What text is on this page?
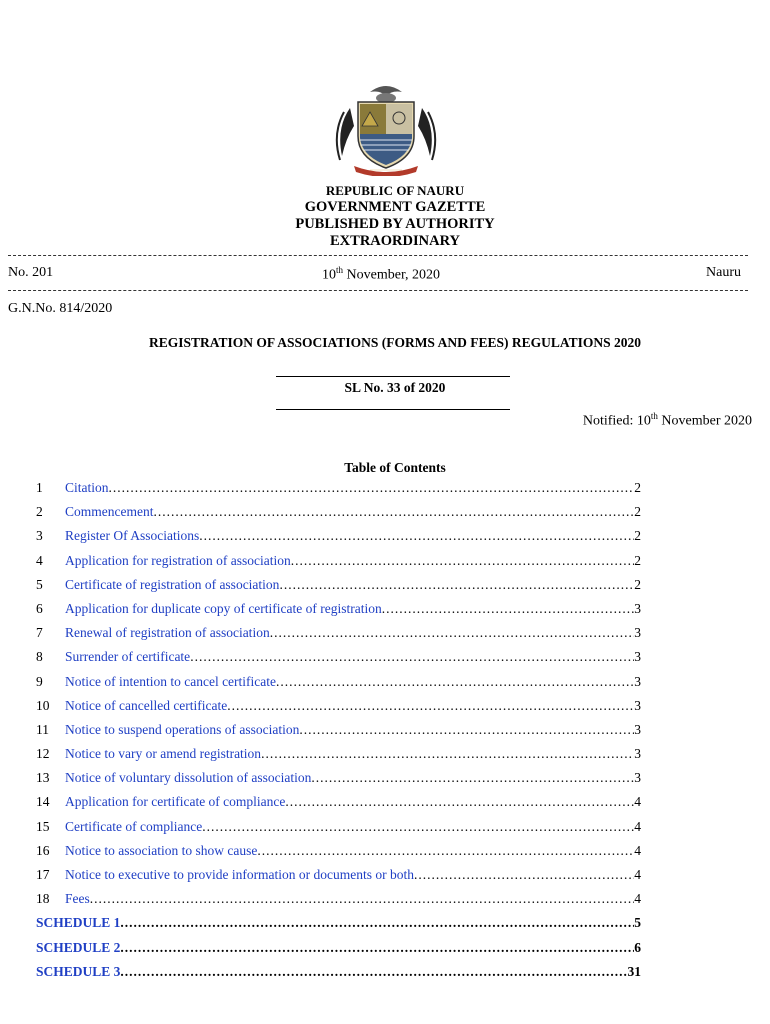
REPUBLIC OF NAURU
GOVERNMENT GAZETTE
PUBLISHED BY AUTHORITY
EXTRAORDINARY
No. 201	10th November, 2020	Nauru
G.N.No. 814/2020
REGISTRATION OF ASSOCIATIONS (FORMS AND FEES) REGULATIONS 2020
SL No. 33 of 2020
Notified: 10th November 2020
Table of Contents
1	Citation .....	2
2	Commencement .....	2
3	Register Of Associations .....	2
4	Application for registration of association .....	2
5	Certificate of registration of association .....	2
6	Application for duplicate copy of certificate of registration .....	3
7	Renewal of registration of association .....	3
8	Surrender of certificate .....	3
9	Notice of intention to cancel certificate .....	3
10	Notice of cancelled certificate .....	3
11	Notice to suspend operations of association .....	3
12	Notice to vary or amend registration .....	3
13	Notice of voluntary dissolution of association .....	3
14	Application for certificate of compliance .....	4
15	Certificate of compliance .....	4
16	Notice to association to show cause .....	4
17	Notice to executive to provide information or documents or both .....	4
18	Fees .....	4
SCHEDULE 1 .....	5
SCHEDULE 2 .....	6
SCHEDULE 3 .....	31
